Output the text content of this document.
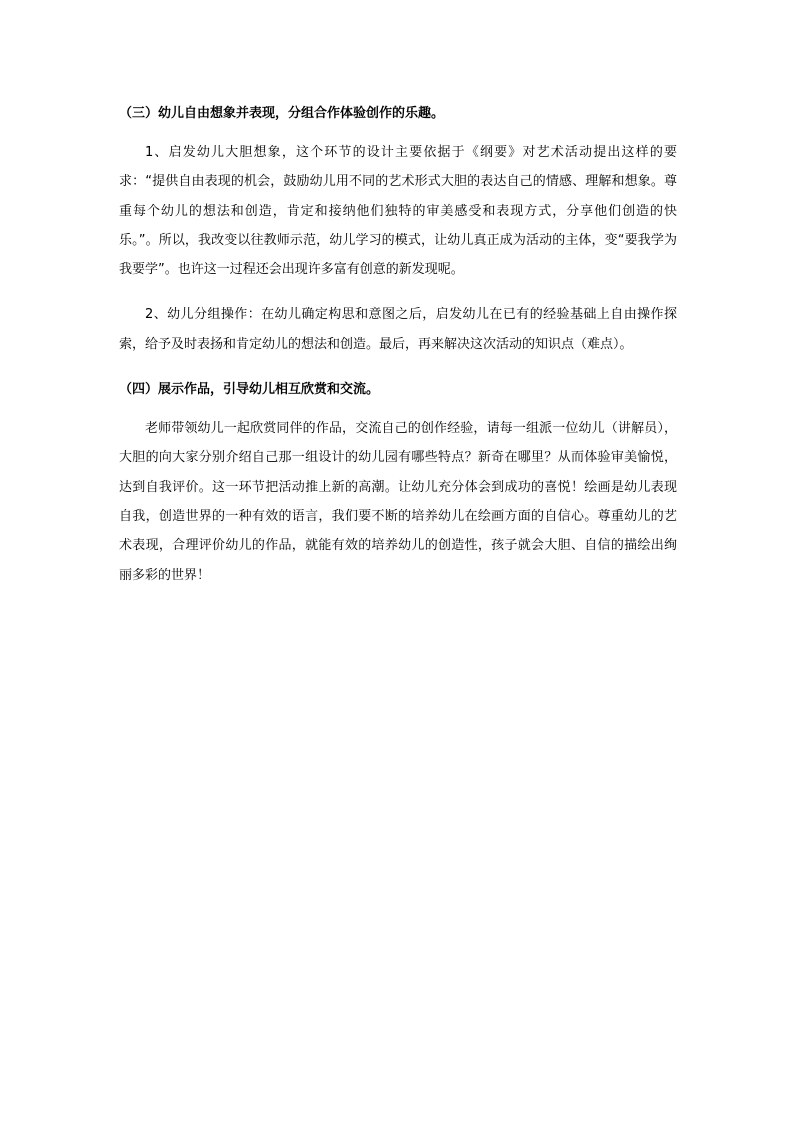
（三）幼儿自由想象并表现，分组合作体验创作的乐趣。

1、启发幼儿大胆想象，这个环节的设计主要依据于《纲要》对艺术活动提出这样的要求：“提供自由表现的机会，鼓励幼儿用不同的艺术形式大胆的表达自己的情感、理解和想象。尊重每个幼儿的想法和创造，肯定和接纳他们独特的审美感受和表现方式，分享他们创造的快乐。”。所以，我改变以往教师示范，幼儿学习的模式，让幼儿真正成为活动的主体，变“要我学为我要学”。也许这一过程还会出现许多富有创意的新发现呢。

2、幼儿分组操作：在幼儿确定构思和意图之后，启发幼儿在已有的经验基础上自由操作探索，给予及时表扬和肯定幼儿的想法和创造。最后，再来解决这次活动的知识点（难点）。

（四）展示作品，引导幼儿相互欣赏和交流。

老师带领幼儿一起欣赏同伴的作品，交流自己的创作经验，请每一组派一位幼儿（讲解员），大胆的向大家分别介绍自己那一组设计的幼儿园有哪些特点？新奇在哪里？从而体验审美愉悦，达到自我评价。这一环节把活动推上新的高潮。让幼儿充分体会到成功的喜悦！绘画是幼儿表现自我，创造世界的一种有效的语言，我们要不断的培养幼儿在绘画方面的自信心。尊重幼儿的艺术表现，合理评价幼儿的作品，就能有效的培养幼儿的创造性，孩子就会大胆、自信的描绘出绚丽多彩的世界！
